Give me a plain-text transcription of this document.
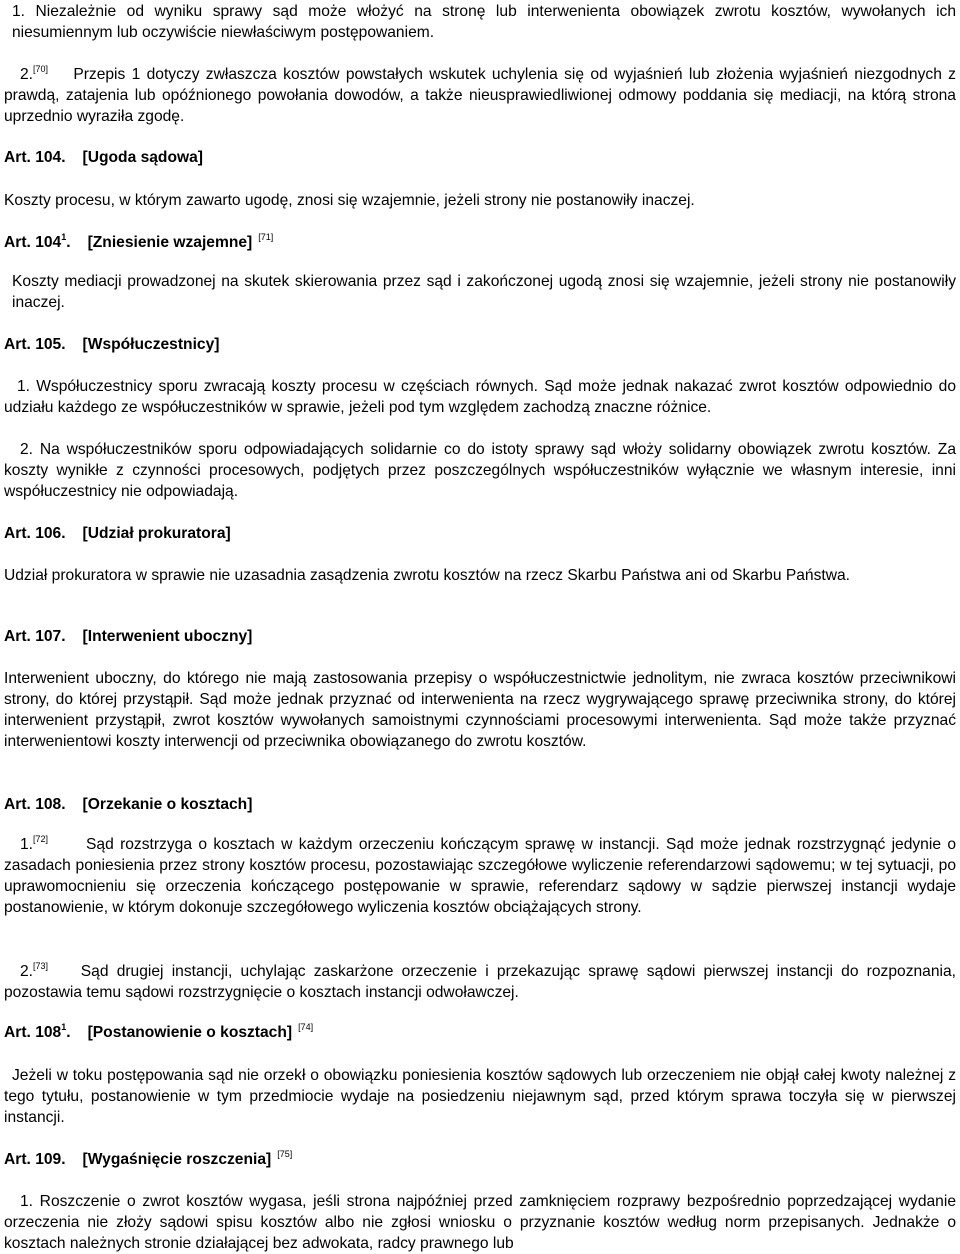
1. Niezależnie od wyniku sprawy sąd może włożyć na stronę lub interwenienta obowiązek zwrotu kosztów, wywołanych ich niesumiennym lub oczywiście niewłaściwym postępowaniem.

2.[70] Przepis 1 dotyczy zwłaszcza kosztów powstałych wskutek uchylenia się od wyjaśnień lub złożenia wyjaśnień niezgodnych z prawdą, zatajenia lub opóźnionego powołania dowodów, a także nieusprawiedliwionej odmowy poddania się mediacji, na którą strona uprzednio wyraziła zgodę.

Art. 104. [Ugoda sądowa]

Koszty procesu, w którym zawarto ugodę, znosi się wzajemnie, jeżeli strony nie postanowiły inaczej.

Art. $104^1$. [Zniesienie wzajemne] [71]

Koszty mediacji prowadzonej na skutek skierowania przez sąd i zakończonej ugodą znosi się wzajemnie, jeżeli strony nie postanowiły inaczej.

Art. 105. [Współuczestnicy]

1. Współuczestnicy sporu zwracają koszty procesu w częściach równych. Sąd może jednak nakazać zwrot kosztów odpowiednio do udziału każdego ze współuczestników w sprawie, jeżeli pod tym względem zachodzą znaczne różnice.

2. Na współuczestników sporu odpowiadających solidarnie co do istoty sprawy sąd włoży solidarny obowiązek zwrotu kosztów. Za koszty wynikłe z czynności procesowych, podjętych przez poszczególnych współuczestników wyłącznie we własnym interesie, inni współuczestnicy nie odpowiadają.

Art. 106. [Udział prokuratora]

Udział prokuratora w sprawie nie uzasadnia zasądzenia zwrotu kosztów na rzecz Skarbu Państwa ani od Skarbu Państwa.

Art. 107. [Interwenient uboczny]

Interwenient uboczny, do którego nie mają zastosowania przepisy o współuczestnictwie jednolitym, nie zwraca kosztów przeciwnikowi strony, do której przystąpił. Sąd może jednak przyznać od interwenienta na rzecz wygrywającego sprawę przeciwnika strony, do której interwenient przystąpił, zwrot kosztów wywołanych samoistnymi czynnościami procesowymi interwenienta. Sąd może także przyznać interwenientowi koszty interwencji od przeciwnika obowiązanego do zwrotu kosztów.

Art. 108. [Orzekanie o kosztach]

1.[72] Sąd rozstrzyga o kosztach w każdym orzeczeniu kończącym sprawę w instancji. Sąd może jednak rozstrzygnąć jedynie o zasadach poniesienia przez strony kosztów procesu, pozostawiając szczegółowe wyliczenie referendarzowi sądowemu; w tej sytuacji, po uprawomocnieniu się orzeczenia kończącego postępowanie w sprawie, referendarz sądowy w sądzie pierwszej instancji wydaje postanowienie, w którym dokonuje szczegółowego wyliczenia kosztów obciążających strony.

2.[73] Sąd drugiej instancji, uchylając zaskarżone orzeczenie i przekazując sprawę sądowi pierwszej instancji do rozpoznania, pozostawia temu sądowi rozstrzygnięcie o kosztach instancji odwoławczej.

Art. $108^1$. [Postanowienie o kosztach] [74]

Jeżeli w toku postępowania sąd nie orzekł o obowiązku poniesienia kosztów sądowych lub orzeczeniem nie objął całej kwoty należnej z tego tytułu, postanowienie w tym przedmiocie wydaje na posiedzeniu niejawnym sąd, przed którym sprawa toczyła się w pierwszej instancji.

Art. 109. [Wygaśnięcie roszczenia] [75]

1. Roszczenie o zwrot kosztów wygasa, jeśli strona najpóźniej przed zamknięciem rozprawy bezpośrednio poprzedzającej wydanie orzeczenia nie złoży sądowi spisu kosztów albo nie zgłosi wniosku o przyznanie kosztów według norm przepisanych. Jednakże o kosztach należnych stronie działającej bez adwokata, radcy prawnego lub
